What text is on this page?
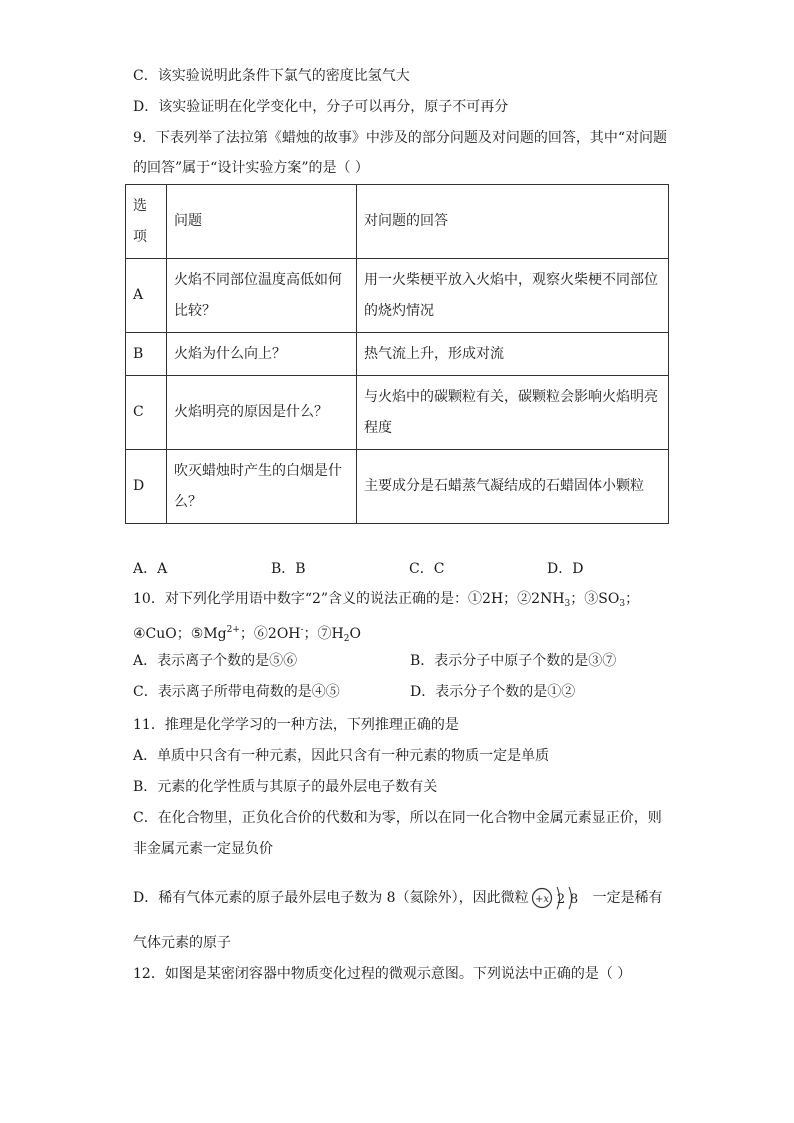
C．该实验说明此条件下氯气的密度比氢气大
D．该实验证明在化学变化中，分子可以再分，原子不可再分
9．下表列举了法拉第《蜡烛的故事》中涉及的部分问题及对问题的回答，其中“对问题
的回答”属于“设计实验方案”的是（ ）
选项	问题	对问题的回答
A	火焰不同部位温度高低如何比较？	用一火柴梗平放入火焰中，观察火柴梗不同部位的烧灼情况
B	火焰为什么向上？	热气流上升，形成对流
C	火焰明亮的原因是什么？	与火焰中的碳颗粒有关，碳颗粒会影响火焰明亮程度
D	吹灭蜡烛时产生的白烟是什么？	主要成分是石蜡蒸气凝结成的石蜡固体小颗粒
A．A	B．B	C．C	D．D
10．对下列化学用语中数字“2”含义的说法正确的是：①2H；$②2NH_3$；$③SO_3$；
④CuO；$⑤Mg^{2+}$；⑥2OH-；$⑦H_2O$
A．表示离子个数的是⑤⑥	B．表示分子中原子个数的是③⑦
C．表示离子所带电荷数的是④⑤	D．表示分子个数的是①②
11．推理是化学学习的一种方法，下列推理正确的是
A．单质中只含有一种元素，因此只含有一种元素的物质一定是单质
B．元素的化学性质与其原子的最外层电子数有关
C．在化合物里，正负化合价的代数和为零，所以在同一化合物中金属元素显正价，则
非金属元素一定显负价
D．稀有气体元素的原子最外层电子数为 8（氦除外），因此微粒 +x 2 8 一定是稀有
气体元素的原子
12．如图是某密闭容器中物质变化过程的微观示意图。下列说法中正确的是（ ）
